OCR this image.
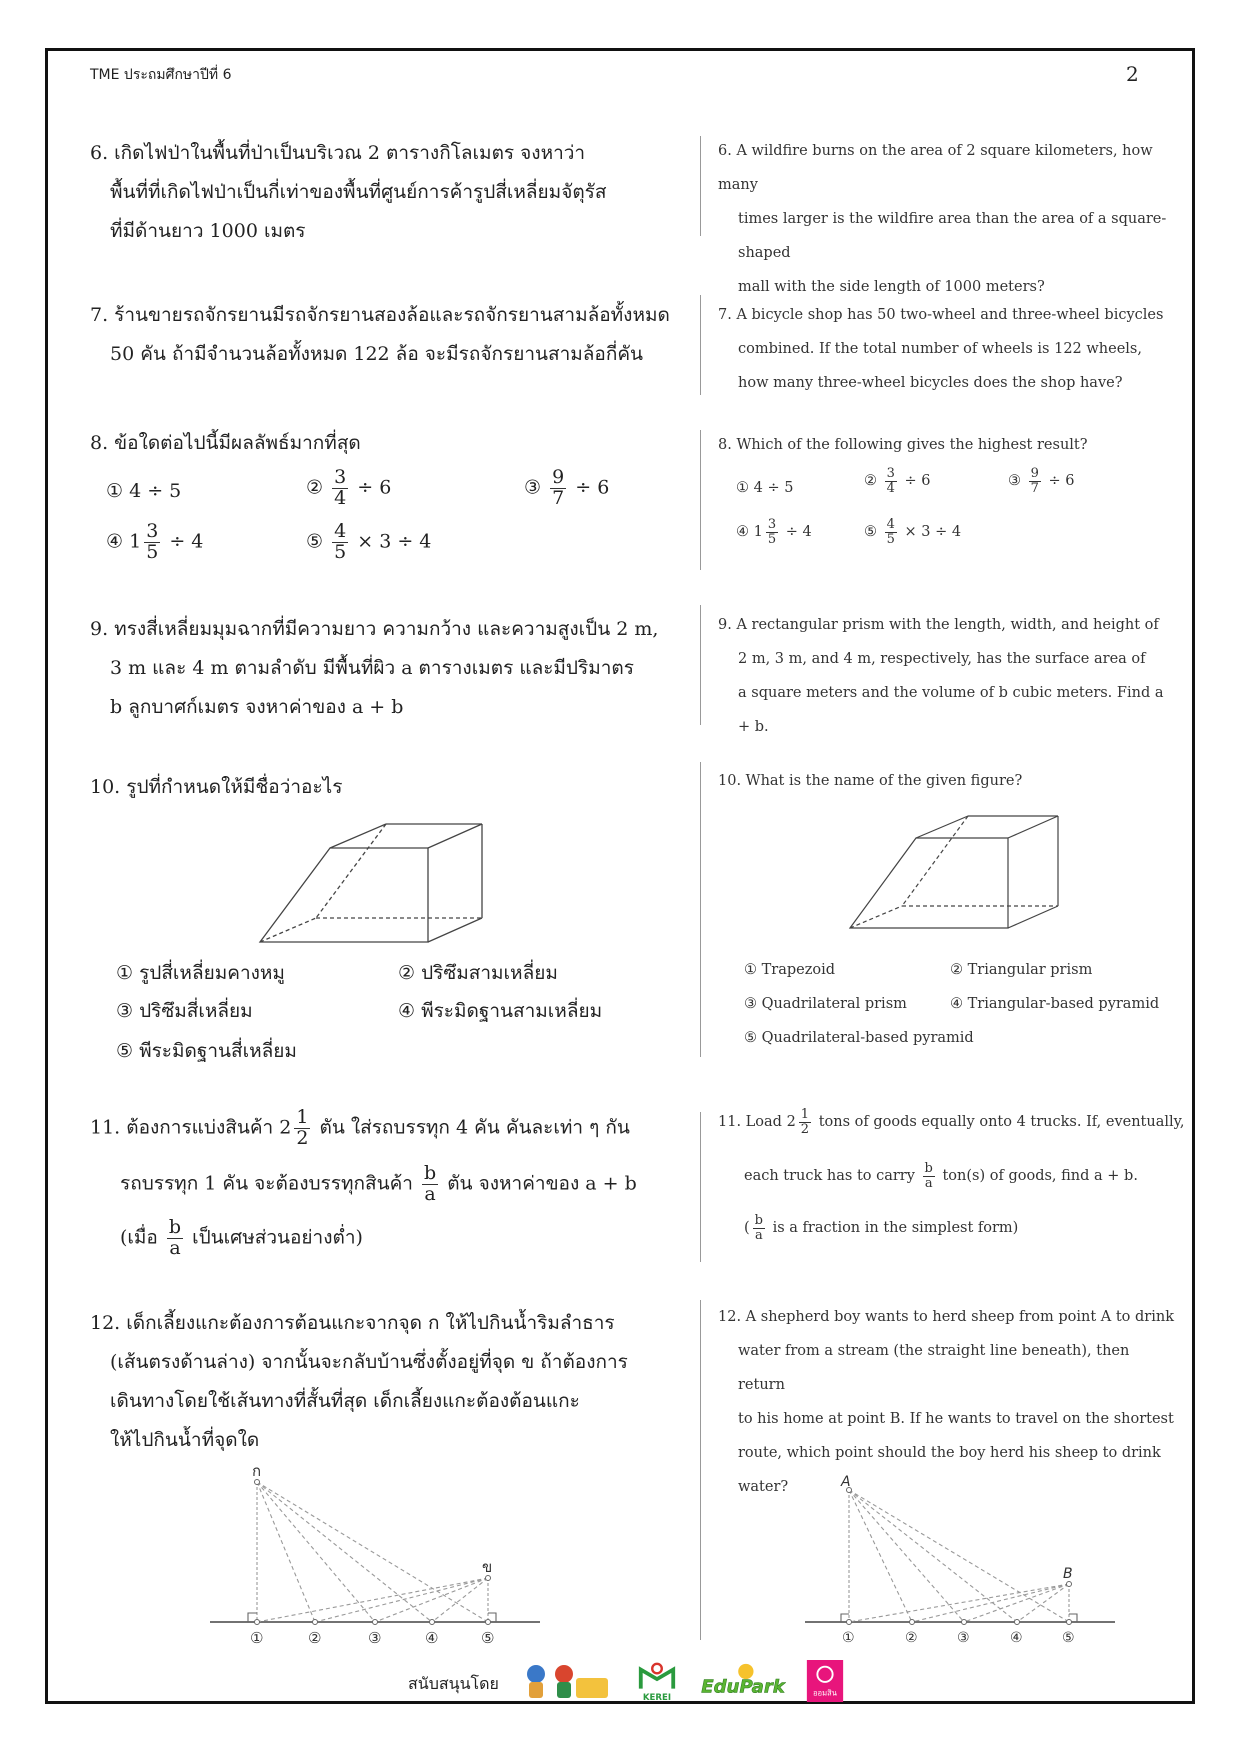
TME ประถมศึกษาปีที่ 6	2
6. เกิดไฟป่าในพื้นที่ป่าเป็นบริเวณ 2 ตารางกิโลเมตร จงหาว่า
พื้นที่ที่เกิดไฟป่าเป็นกี่เท่าของพื้นที่ศูนย์การค้ารูปสี่เหลี่ยมจัตุรัส
ที่มีด้านยาว 1000 เมตร
6. A wildfire burns on the area of 2 square kilometers, how many
times larger is the wildfire area than the area of a square-shaped
mall with the side length of 1000 meters?
7. ร้านขายรถจักรยานมีรถจักรยานสองล้อและรถจักรยานสามล้อทั้งหมด
50 คัน ถ้ามีจำนวนล้อทั้งหมด 122 ล้อ จะมีรถจักรยานสามล้อกี่คัน
7. A bicycle shop has 50 two-wheel and three-wheel bicycles
combined. If the total number of wheels is 122 wheels,
how many three-wheel bicycles does the shop have?
8. ข้อใดต่อไปนี้มีผลลัพธ์มากที่สุด	8. Which of the following gives the highest result?
① 4 ÷ 5	② $\frac{3}{4} \div 6$	③ $\frac{9}{7} \div 6$
④ $1 \frac{3}{5} \div 4$	⑤ $\frac{4}{5} \times 3 \div 4$
① 4 ÷ 5	② $\frac{3}{4} \div 6$	③ $\frac{9}{7} \div 6$
④ $1 \frac{3}{5} \div 4$	⑤ $\frac{4}{5} \times 3 \div 4$
9. ทรงสี่เหลี่ยมมุมฉากที่มีความยาว ความกว้าง และความสูงเป็น 2 m,
3 m และ 4 m ตามลำดับ มีพื้นที่ผิว a ตารางเมตร และมีปริมาตร
b ลูกบาศก์เมตร จงหาค่าของ a + b
9. A rectangular prism with the length, width, and height of
2 m, 3 m, and 4 m, respectively, has the surface area of
a square meters and the volume of b cubic meters. Find a + b.
10. รูปที่กำหนดให้มีชื่อว่าอะไร	10. What is the name of the given figure?
① รูปสี่เหลี่ยมคางหมู	② ปริซึมสามเหลี่ยม
③ ปริซึมสี่เหลี่ยม	④ พีระมิดฐานสามเหลี่ยม
⑤ พีระมิดฐานสี่เหลี่ยม
① Trapezoid	② Triangular prism
③ Quadrilateral prism	④ Triangular-based pyramid
⑤ Quadrilateral-based pyramid
11. ต้องการแบ่งสินค้า $2 \frac{1}{2}$ ตัน ใส่รถบรรทุก 4 คัน คันละเท่า ๆ กัน
รถบรรทุก 1 คัน จะต้องบรรทุกสินค้า $\frac{b}{a}$ ตัน จงหาค่าของ a + b
(เมื่อ $\frac{b}{a}$ เป็นเศษส่วนอย่างต่ำ)
11. Load $2 \frac{1}{2}$ tons of goods equally onto 4 trucks. If, eventually,
each truck has to carry $\frac{b}{a} ton(s)$ of goods, find a + b.
( $\frac{b}{a}$ is a fraction in the simplest form)
12. เด็กเลี้ยงแกะต้องการต้อนแกะจากจุด ก ให้ไปกินน้ำริมลำธาร
(เส้นตรงด้านล่าง) จากนั้นจะกลับบ้านซึ่งตั้งอยู่ที่จุด ข ถ้าต้องการ
เดินทางโดยใช้เส้นทางที่สั้นที่สุด เด็กเลี้ยงแกะต้องต้อนแกะ
ให้ไปกินน้ำที่จุดใด
12. A shepherd boy wants to herd sheep from point A to drink
water from a stream (the straight line beneath), then return
to his home at point B. If he wants to travel on the shortest
route, which point should the boy herd his sheep to drink
water?
ก
ข
①	②	③	④	⑤
A
B
①	②	③	④	⑤
สนับสนุนโดย
KEREI
EduPark	ออมสิน
